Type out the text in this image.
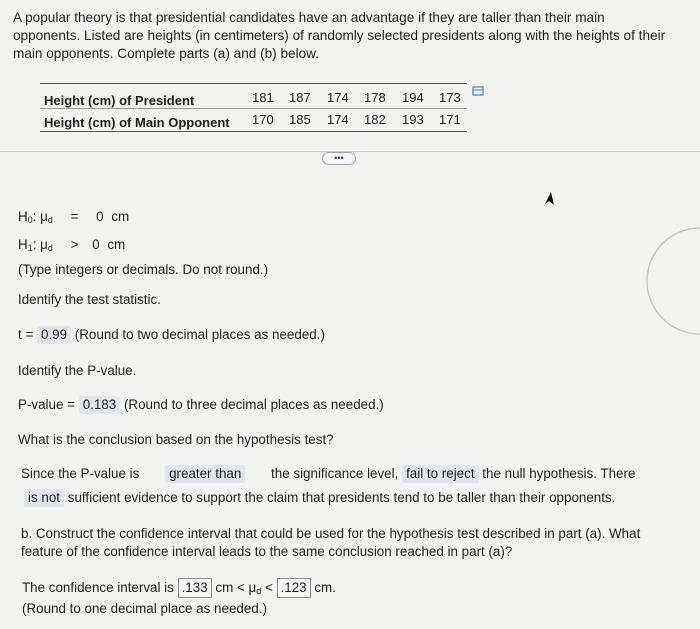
A popular theory is that presidential candidates have an advantage if they are taller than their main
opponents. Listed are heights (in centimeters) of randomly selected presidents along with the heights of their
main opponents. Complete parts (a) and (b) below.
Height (cm) of President	181 187 174 178 194 173
Height (cm) of Main Opponent 170 185 174 182 193 171
•••
$H_0$: $\mu_d = 0$ cm
$H_1$: $\mu_d > 0$ cm
(Type integers or decimals. Do not round.)
Identify the test statistic.
t = 0.99 (Round to two decimal places as needed.)
Identify the P-value.
P-value = 0.183 (Round to three decimal places as needed.)
What is the conclusion based on the hypothesis test?
Since the P-value is greater than the significance level, fail to reject the null hypothesis. There
is not sufficient evidence to support the claim that presidents tend to be taller than their opponents.
b. Construct the confidence interval that could be used for the hypothesis test described in part (a). What
feature of the confidence interval leads to the same conclusion reached in part (a)?
The confidence interval is .133 cm < $\mu_d < .123$ cm.
(Round to one decimal place as needed.)
